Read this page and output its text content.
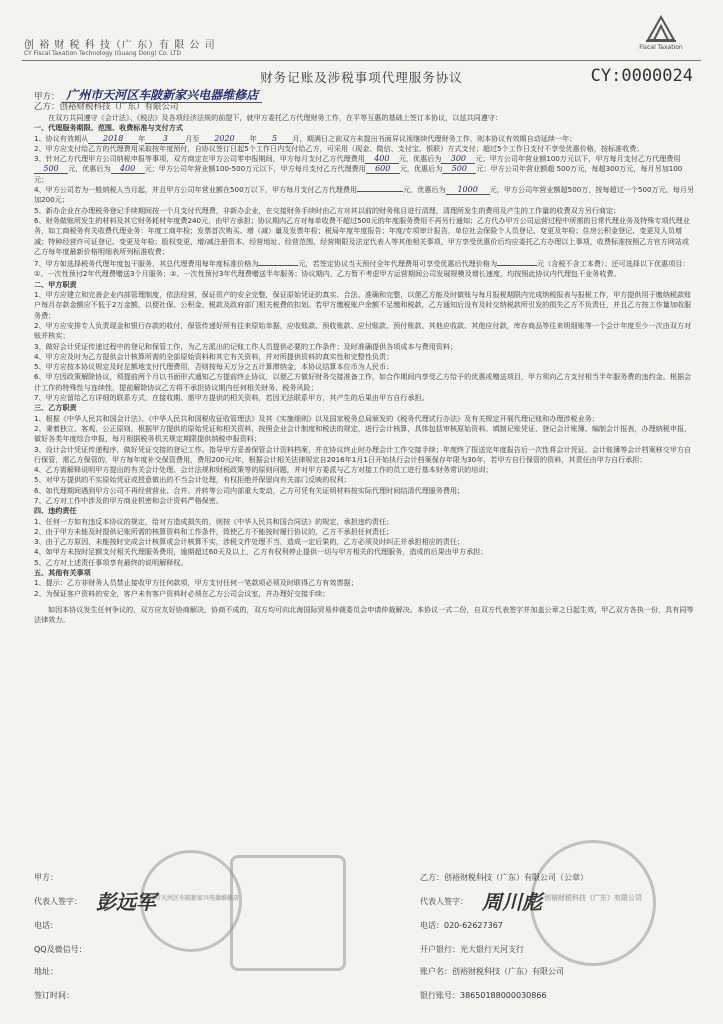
创 裕 财 税 科 技（广 东）有 限 公 司
CY Fiscal Taxation Technology (Guang Dong) Co. LTD
Fiscal Taxation
财务记账及涉税事项代理服务协议	CY:0000024
甲方： 广州市天河区车陂新家兴电器维修店
乙方：创裕财税科技（广东）有限公司

在双方共同遵守《会计法》、《税法》及各项经济法规的前提下，就甲方委托乙方代理财务工作，在平等互惠的基础上签订本协议，以兹共同遵守：

一、代理服务期限、范围、收费标准与支付方式

1、协议有效期从 2018 年 3 月至 2020 年 5 月，期满日之前双方未提出书面异议视继续代理财务工作，则本协议有效期自动延续一年；

2、甲方应支付给乙方的代理费用采取按年度预付，自协议签订日起5个工作日内支付给乙方，可采用（现金、微信、支付宝、银联）方式支付；超过5个工作日支付不享受优惠价格，按标准收费；

3、针对乙方代理甲方公司纳税申报等事项，双方商定在甲方公司零申报期间，甲方每月支付乙方代理费用 400 元，优惠后为 300 元；甲方公司年营业额100万元以下，甲方每月支付乙方代理费用500 元，优惠后为 400 元；甲方公司年营业额100-500万元以下，甲方每月支付乙方代理费用 600 元，优惠后为 500 元；甲方公司年营业额超 500万元，每超300万元，每月另加100元；

4、甲方公司若为一般纳税人当月起，并且甲方公司年营业额在500万以下，甲方每月支付乙方代理费用	元，优惠后为 1000 元，甲方公司年营业额超500万，按每超过一个500万元，每月另加200元；

5、新办企业在办理税务登记手续期间按一个月支付代理费，非新办企业，在交接财务手续时由乙方对其以前的财务账目进行清理，清理所发生的费用及产生的工作量的收费双方另行商定；

6、财务做账所发生的材料及其它财务耗材年度费240元，由甲方承担；协议期内乙方对每单收费不超过500元的年度服务费用不再另行通知；乙方代办甲方公司运营过程中所需的日常代理业务及特殊专项代理业务，如工商税务有关收费代理业务：年度工商年检；发票首次购买、增（减）量及发票年检；税局年度年度报告；年度/专项审计报告，单位社会保险个人员登记、变更及年检；住房公积金登记、变更及人员增减；特种经营许可证登记、变更及年检；股权变更、增/减注册资本、经营地址、经营范围、经营期限及法定代表人等其他相关事项，甲方享受优惠价后均应委托乙方办理以上事项，收费标准按照乙方官方网站或乙方每年度最新价格明细表所列标准收费；

7、甲方如选择税务代理年度包干服务，其总代理费用每年度标准价格为	元，若签定协议当天预付全年代理费用可享受优惠后代理价格为	元（含税不含工本费）；还可选择以下优惠项目：①、一次性预付2年代理费赠送3个月服务；②、一次性预付3年代理费赠送半年服务；协议期内，乙方暂不考虑甲方运营期间公司发展规模及增长速度，均按照此协议内代理包干业务收费。

二、甲方职责

1、甲方应建立和完善企业内部管理制度，依法经营，保证资产的安全完整，保证原始凭证的真实、合法、准确和完整，以便乙方能及时做账与每月报税期限内完成纳税报表与报税工作，甲方提供用于缴纳税款账户每月存款金额应不低于2万金额，以便社保、公积金、税款及政府部门相关税费的扣划。若甲方缴税账户余额不足缴和税款，乙方通知后没有及时交纳税款所引发的损失乙方不负责任，并且乙方按工作量加收服务费；

2、甲方应安排专人负责现金和银行存款的收付，保管传递好所有往来原始单据，应收账款、预收账款、应付账款、预付账款、其他应收款、其他应付款，库存商品等往来明细账等一个会计年度至少一次由双方对账并核实；

3、做好会计凭证传递过程中的登记和保管工作，为乙方派出的记账工作人员提供必要的工作条件；及时准确提供各项成本与费用资料；

4、甲方应及时为乙方提供会计核算所需的全部原始资料和其它有关资料，并对所提供资料的真实性和完整性负责；

5、甲方应按本协议规定及时足额地支付代理费用，否则按每天万分之五计算滞纳金，本协议结算本位币为人民币；

6、甲方因政策解除协议，须提前两个月以书面形式通知乙方提前终止协议，以便乙方做好财务交接准备工作，如合作期间内享受乙方给予的优惠或赠送项目，甲方须向乙方支付相当半年服务费的违约金。根据会计工作的特殊性与连续性，提前解除协议乙方将不承担协议期内任何相关财务、税务风险；

7、甲方应留给乙方详细的联系方式，在接收期、需甲方提供的相关资料，若因无法联系甲方，其产生的后果由甲方自行承担。

三、乙方职责

1、根据《中华人民共和国会计法》、《中华人民共和国税收征收管理法》及其《实施细则》以及国家税务总局颁发的《税务代理试行办法》及有关规定开展代理记账和办理涉税业务；

2、秉着独立、客观、公正原则，根据甲方提供的原始凭证和相关资料，按照企业会计制度和税法的规定，进行会计核算，具体包括审核原始资料、填制记账凭证、登记会计账簿、编制会计报表，办理纳税申报，做好各类年度综合申报，每月根据税务机关规定期限提供纳税申报资料；

3、设计会计凭证传递程序，做好凭证交接的登记工作。指导甲方妥善保管会计资料档案，并在协议终止时办理会计工作交接手续；年度终了报送完年度报告后一次性将会计凭证、会计账簿等会计档案移交甲方自行保管，需乙方保管的，甲方每年度补交保管费用，费用200元/年，根据会计相关法律规定自2016年1月1日开始执行会计档案保存年限为30年，若甲方自行保管的资料，其责任由甲方自行承担；

4、乙方需解释说明甲方提出的有关会计处理、会计法规和财税政策等的原则问题，并对甲方委派与乙方对接工作的员工进行基本财务常识的培训；

5、对甲方提供的不实原始凭证或授意做出的不当会计处理，有权拒绝并保留向有关部门反映的权利；

6、如代理期间遇到甲方公司不再经营营业、合并、并转等公司内部重大变动，乙方可凭有关证明材料按实际代理时间结清代理服务费用；

7、乙方对工作中涉及的甲方商业机密和会计资料严格保密。

四、违约责任

1、任何一方如有违反本协议的规定，给对方造成损失的，则按《中华人民共和国合同法》的规定，承担违约责任；

2、由于甲方未能及时提供记账所需的核算资料和工作条件，致使乙方不能按时履行协议的，乙方不承担任何责任；

3、由于乙方原因，未能按时完成会计核算或会计核算不实，涉税文件处理不当，造成一定后果的，乙方必须及时纠正并承担相应的责任；

4、如甲方未按时足额支付相关代理服务费用，逾期超过60天及以上，乙方有权利停止提供一切与甲方相关的代理服务，造成的后果由甲方承担；

5、乙方对上述责任事项享有最终的说明解释权。

五、其他有关事项

1、提示：乙方非财务人员禁止接收甲方任何款项，甲方支付任何一笔款项必须及时联得乙方有效票据；

2、为保证客户资料的安全，客户未有客户资料时必须在乙方公司会议室，并办理好交接手续；

如因本协议发生任何争议的，双方应友好协商解决，协商不成的，双方均可向北海国际贸易仲裁委员会申请仲裁解决。本协议一式二份，自双方代表签字并加盖公章之日起生效，甲乙双方各执一份，具有同等法律效力。

广州市天河区车陂新家兴电器维修店	创裕财税科技（广东）有限公司
甲方：
代表人签字： 彭远军
电话：
QQ及微信号：
地址：
签订时间：
乙方：创裕财税科技（广东）有限公司（公章）
代表人签字： 周川彪
电话：020-62627367
开户银行：光大银行天河支行
账户名：创裕财税科技（广东）有限公司
银行账号：38650188000030866
